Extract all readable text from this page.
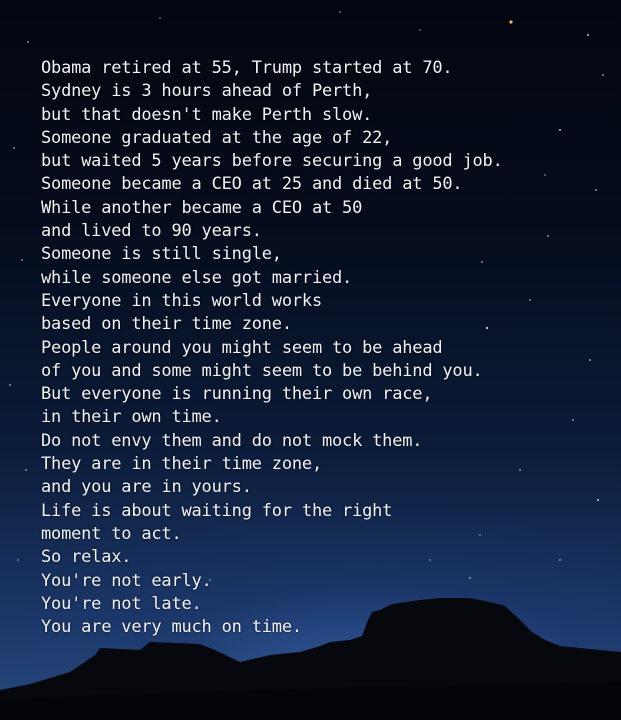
Obama retired at 55, Trump started at 70.
Sydney is 3 hours ahead of Perth,
but that doesn't make Perth slow.
Someone graduated at the age of 22,
but waited 5 years before securing a good job.
Someone became a CEO at 25 and died at 50.
While another became a CEO at 50
and lived to 90 years.
Someone is still single,
while someone else got married.
Everyone in this world works
based on their time zone.
People around you might seem to be ahead
of you and some might seem to be behind you.
But everyone is running their own race,
in their own time.
Do not envy them and do not mock them.
They are in their time zone,
and you are in yours.
Life is about waiting for the right
moment to act.
So relax.
You're not early.
You're not late.
You are very much on time.
